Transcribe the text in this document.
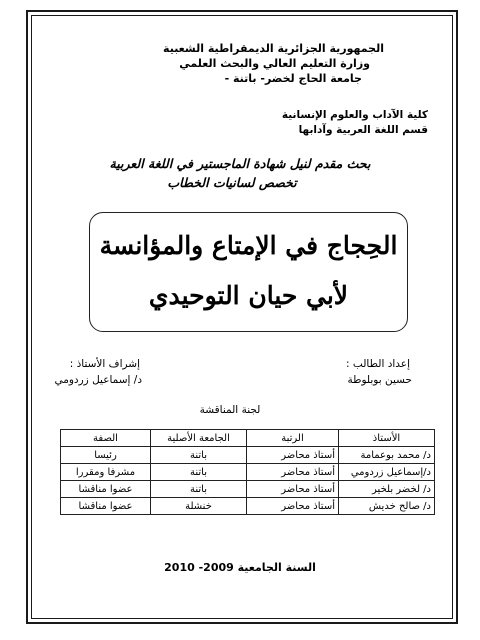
الجمهورية الجزائرية الديمقراطية الشعبية
وزارة التعليم العالي والبحث العلمي
جامعة الحاج لخضر- باتنة -
كلية الآداب والعلوم الإنسانية
قسم اللغة العربية وآدابها
بحث مقدم لنيل شهادة الماجستير في اللغة العربية
تخصص لسانيات الخطاب
الحِجاج في الإمتاع والمؤانسة
لأبي حيان التوحيدي
إعداد الطالب :
حسين بوبلوطة
إشراف الأستاذ :
د/ إسماعيل زردومي
لجنة المناقشة
الأستاذ	الرتبة	الجامعة الأصلية	الصفة
د/ محمد بوعمامة	أستاذ محاضر	باتنة	رئيسا
د/إسماعيل زردومي	أستاذ محاضر	باتنة	مشرفا ومقررا
د/ لخضر بلخير	أستاذ محاضر	باتنة	عضوا مناقشا
د/ صالح خديش	أستاذ محاضر	خنشلة	عضوا مناقشا
السنة الجامعية 2009- 2010
